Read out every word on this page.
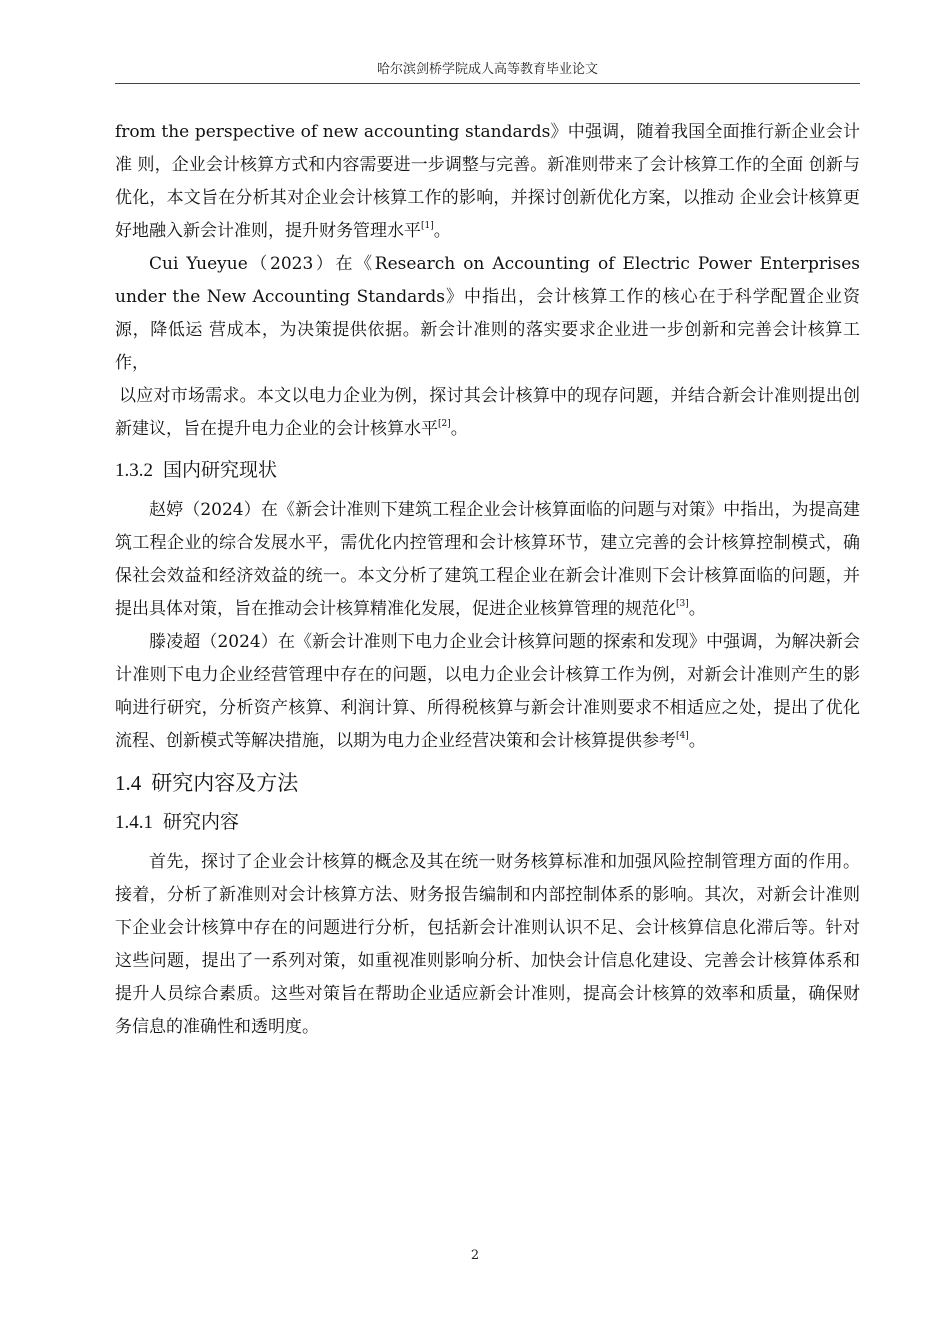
哈尔滨剑桥学院成人高等教育毕业论文

from the perspective of new accounting standards》中强调，随着我国全面推行新企业会计准 则，企业会计核算方式和内容需要进一步调整与完善。新准则带来了会计核算工作的全面 创新与优化，本文旨在分析其对企业会计核算工作的影响，并探讨创新优化方案，以推动 企业会计核算更好地融入新会计准则，提升财务管理水平[1]。

Cui Yueyue（2023）在《Research on Accounting of Electric Power Enterprises under the New Accounting Standards》中指出，会计核算工作的核心在于科学配置企业资源，降低运 营成本，为决策提供依据。新会计准则的落实要求企业进一步创新和完善会计核算工作，

以应对市场需求。本文以电力企业为例，探讨其会计核算中的现存问题，并结合新会计准则提出创新建议，旨在提升电力企业的会计核算水平[2]。

1.3.2 国内研究现状

赵婷（2024）在《新会计准则下建筑工程企业会计核算面临的问题与对策》中指出，为提高建筑工程企业的综合发展水平，需优化内控管理和会计核算环节，建立完善的会计核算控制模式，确保社会效益和经济效益的统一。本文分析了建筑工程企业在新会计准则下会计核算面临的问题，并提出具体对策，旨在推动会计核算精准化发展，促进企业核算管理的规范化[3]。

滕凌超（2024）在《新会计准则下电力企业会计核算问题的探索和发现》中强调，为解决新会计准则下电力企业经营管理中存在的问题，以电力企业会计核算工作为例，对新会计准则产生的影响进行研究，分析资产核算、利润计算、所得税核算与新会计准则要求不相适应之处，提出了优化流程、创新模式等解决措施，以期为电力企业经营决策和会计核算提供参考[4]。

1.4 研究内容及方法
1.4.1 研究内容

首先，探讨了企业会计核算的概念及其在统一财务核算标准和加强风险控制管理方面的作用。接着，分析了新准则对会计核算方法、财务报告编制和内部控制体系的影响。其次，对新会计准则下企业会计核算中存在的问题进行分析，包括新会计准则认识不足、会计核算信息化滞后等。针对这些问题，提出了一系列对策，如重视准则影响分析、加快会计信息化建设、完善会计核算体系和提升人员综合素质。这些对策旨在帮助企业适应新会计准则，提高会计核算的效率和质量，确保财务信息的准确性和透明度。

2
